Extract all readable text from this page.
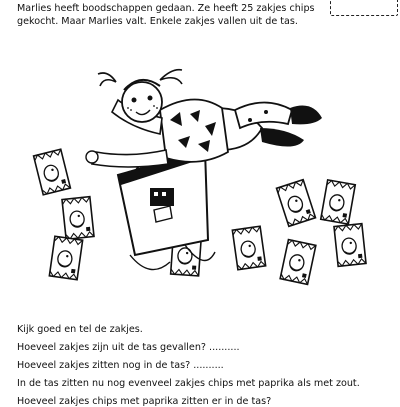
Marlies heeft boodschappen gedaan. Ze heeft 25 zakjes chips
gekocht. Maar Marlies valt. Enkele zakjes vallen uit de tas.
Kijk goed en tel de zakjes.
Hoeveel zakjes zijn uit de tas gevallen? ..........
Hoeveel zakjes zitten nog in de tas? ..........
In de tas zitten nu nog evenveel zakjes chips met paprika als met zout.
Hoeveel zakjes chips met paprika zitten er in de tas?
